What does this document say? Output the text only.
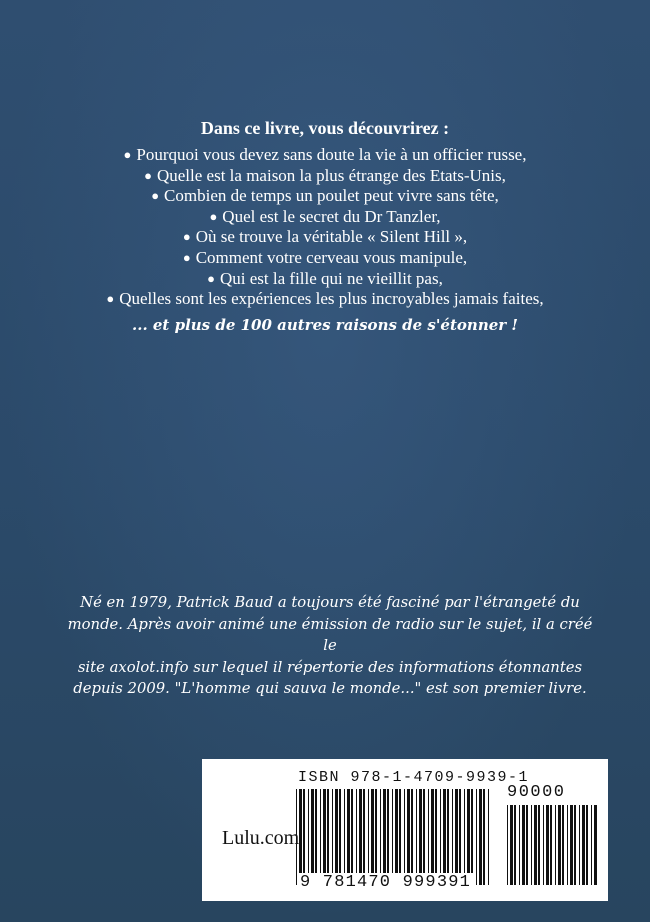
Dans ce livre, vous découvrirez :
● Pourquoi vous devez sans doute la vie à un officier russe,
● Quelle est la maison la plus étrange des Etats-Unis,
● Combien de temps un poulet peut vivre sans tête,
● Quel est le secret du Dr Tanzler,
● Où se trouve la véritable « Silent Hill »,
● Comment votre cerveau vous manipule,
● Qui est la fille qui ne vieillit pas,
● Quelles sont les expériences les plus incroyables jamais faites,
... et plus de 100 autres raisons de s'étonner !

Né en 1979, Patrick Baud a toujours été fasciné par l'étrangeté du
monde. Après avoir animé une émission de radio sur le sujet, il a créé le
site axolot.info sur lequel il répertorie des informations étonnantes
depuis 2009. "L'homme qui sauva le monde..." est son premier livre.

Lulu.com
ISBN 978-1-4709-9939-1
90000
9 781470 999391
